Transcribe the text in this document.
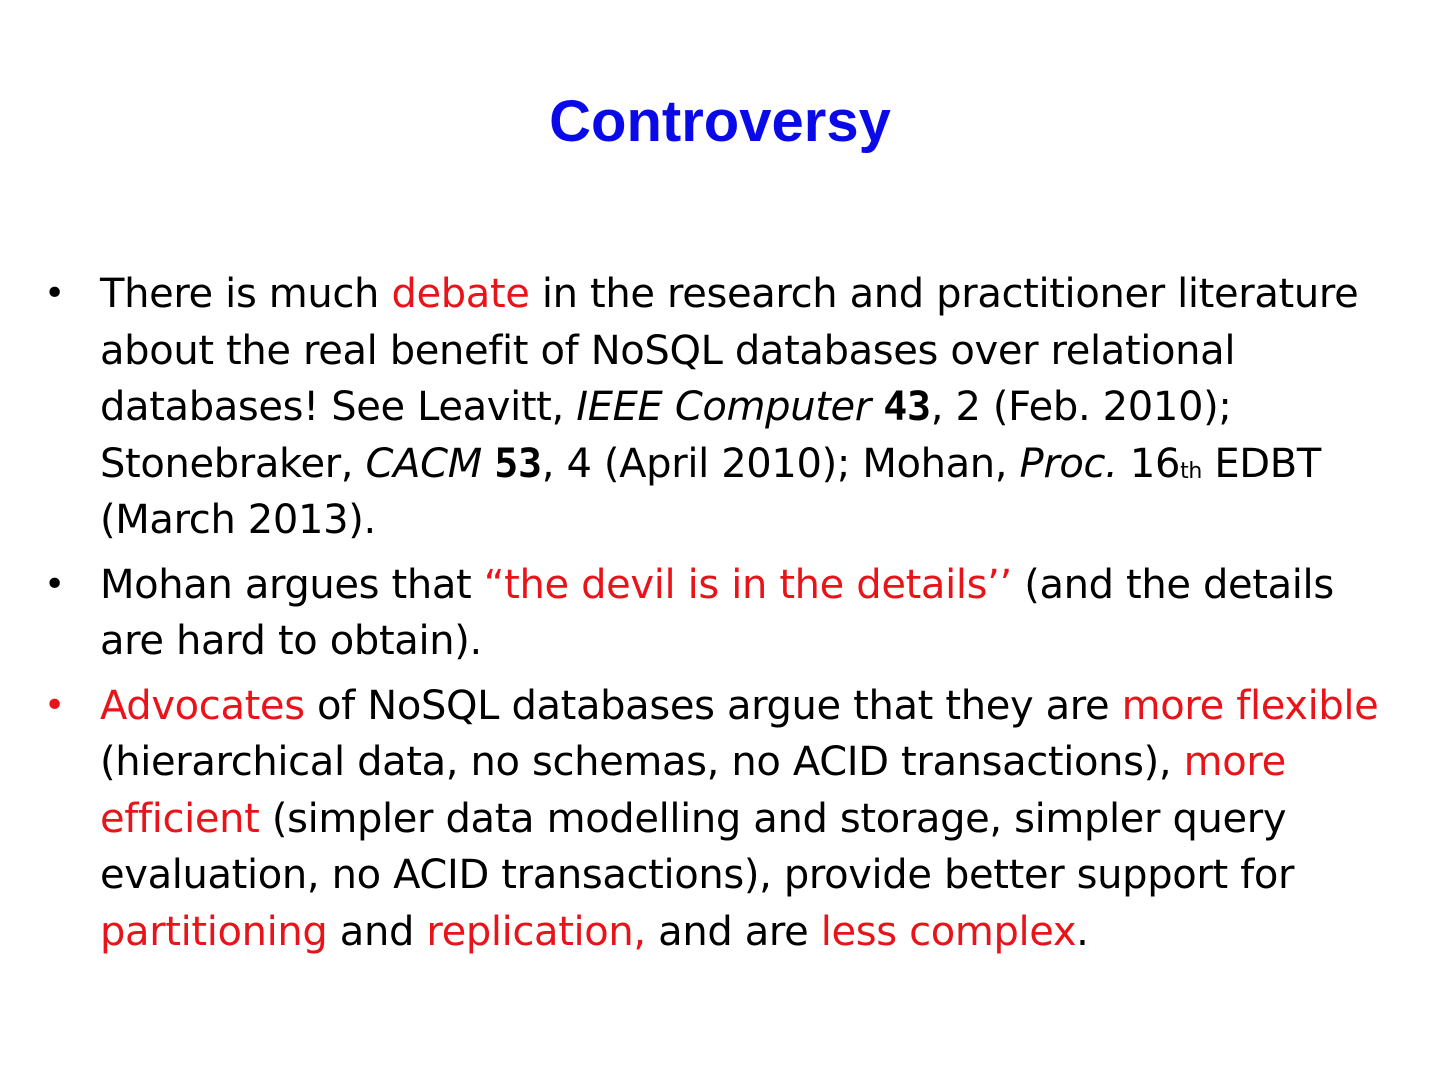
Controversy
• There is much debate in the research and practitioner literature about the real benefit of NoSQL databases over relational databases! See Leavitt, IEEE Computer 43, 2 (Feb. 2010); Stonebraker, CACM 53, 4 (April 2010); Mohan, Proc. 16th EDBT (March 2013).
• Mohan argues that “the devil is in the details’’ (and the details are hard to obtain).
• Advocates of NoSQL databases argue that they are more flexible (hierarchical data, no schemas, no ACID transactions), more efficient (simpler data modelling and storage, simpler query evaluation, no ACID transactions), provide better support for partitioning and replication, and are less complex.
